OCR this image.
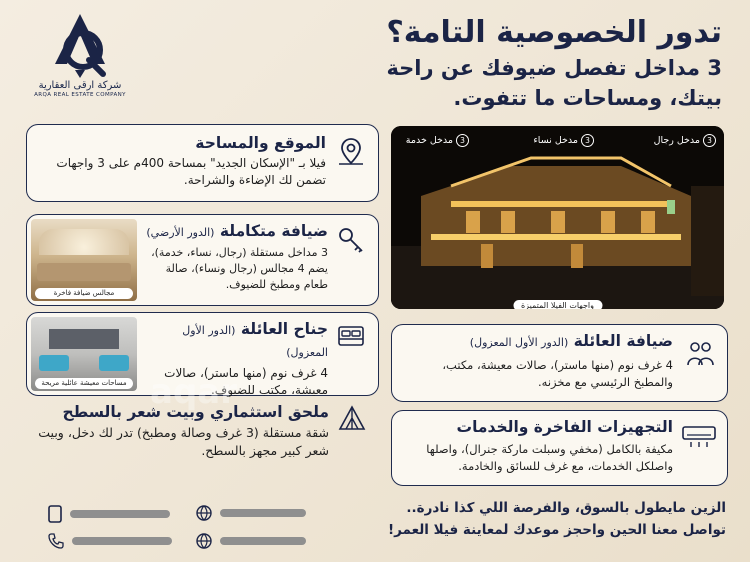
شركة ارقى العقارية
ARQA REAL ESTATE COMPANY
تدور الخصوصية التامة؟

3 مداخل تفصل ضيوفك عن راحة

بيتك، ومساحات ما تتفوت.

الموقع والمساحة
فيلا بـ "الإسكان الجديد" بمساحة 400م على 3 واجهات تضمن لك الإضاءة والشراحة.
ضيافة متكاملة (الدور الأرضي)
3 مداخل مستقلة (رجال، نساء، خدمة)، يضم 4 مجالس (رجال ونساء)، صالة طعام ومطبخ للضيوف.
مجالس ضيافة فاخرة
جناح العائلة (الدور الأول المعزول)
4 غرف نوم (منها ماستر)، صالات معيشة، مكتب للضيوف.
مساحات معيشة عائلية مريحة
ملحق استثماري وبيت شعر بالسطح
شقة مستقلة (3 غرف وصالة ومطبخ) تدر لك دخل، وبيت شعر كبير مجهز بالسطح.
3
مدخل رجال
3
مدخل نساء
3
مدخل خدمة
واجهات الفيلا المتميزة
ضيافة العائلة (الدور الأول المعزول)
4 غرف نوم (منها ماستر)، صالات معيشة، مكتب، والمطبخ الرئيسي مع مخزنه.
التجهيزات الفاخرة والخدمات
مكيفة بالكامل (مخفي وسبلت ماركة جنرال)، واصلها واصلكل الخدمات، مع غرف للسائق والخادمة.
الزين مايطول بالسوق، والفرصة اللي كذا نادرة..
تواصل معنا الحين واحجز موعدك لمعاينة فيلا العمر!
aqar
